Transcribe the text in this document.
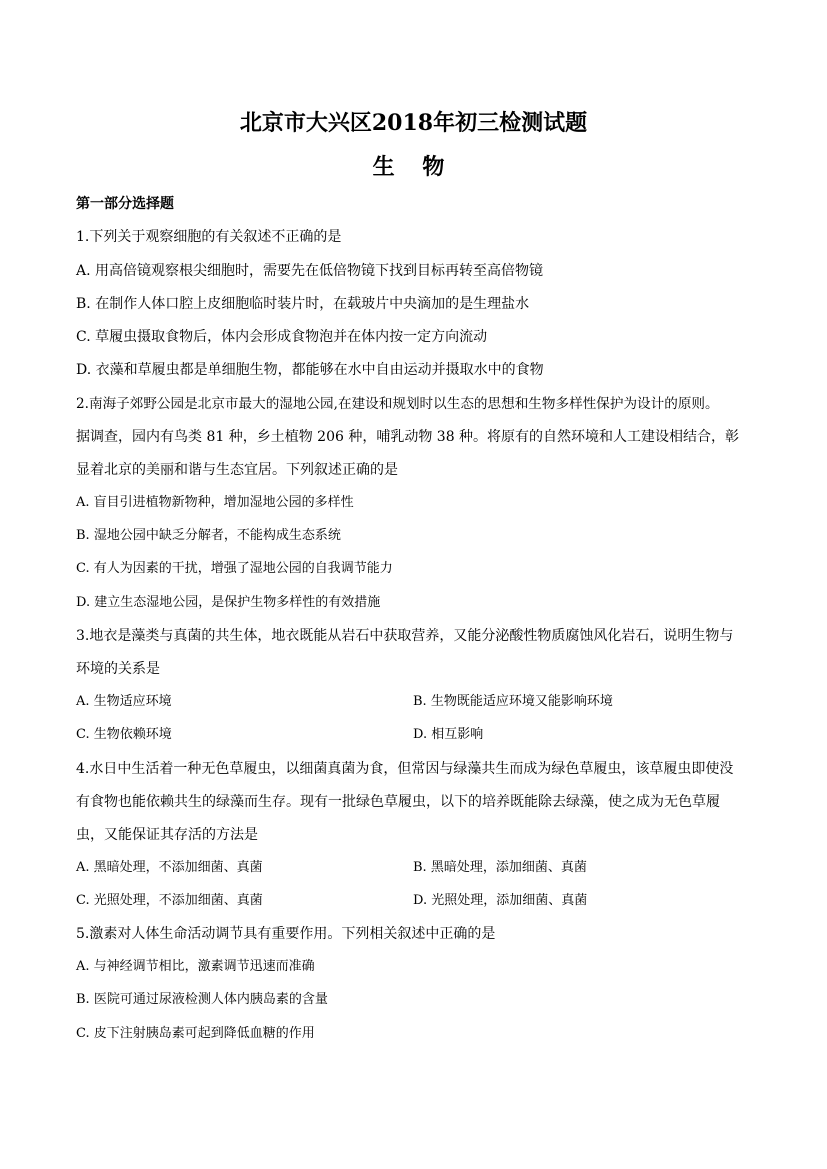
北京市大兴区2018年初三检测试题
生 物
第一部分选择题
1.下列关于观察细胞的有关叙述不正确的是
A. 用高倍镜观察根尖细胞时，需要先在低倍物镜下找到目标再转至高倍物镜
B. 在制作人体口腔上皮细胞临时装片时，在载玻片中央滴加的是生理盐水
C. 草履虫摄取食物后，体内会形成食物泡并在体内按一定方向流动
D. 衣藻和草履虫都是单细胞生物，都能够在水中自由运动并摄取水中的食物
2.南海子郊野公园是北京市最大的湿地公园,在建设和规划时以生态的思想和生物多样性保护为设计的原则。
据调查，园内有鸟类 81 种，乡土植物 206 种，哺乳动物 38 种。将原有的自然环境和人工建设相结合，彰
显着北京的美丽和谐与生态宜居。下列叙述正确的是
A. 盲目引进植物新物种，增加湿地公园的多样性
B. 湿地公园中缺乏分解者，不能构成生态系统
C. 有人为因素的干扰，增强了湿地公园的自我调节能力
D. 建立生态湿地公园，是保护生物多样性的有效措施
3.地衣是藻类与真菌的共生体，地衣既能从岩石中获取营养，又能分泌酸性物质腐蚀风化岩石，说明生物与
环境的关系是
A. 生物适应环境	B. 生物既能适应环境又能影响环境
C. 生物依赖环境	D. 相互影响
4.水日中生活着一种无色草履虫，以细菌真菌为食，但常因与绿藻共生而成为绿色草履虫，该草履虫即使没
有食物也能依赖共生的绿藻而生存。现有一批绿色草履虫，以下的培养既能除去绿藻，使之成为无色草履
虫，又能保证其存活的方法是
A. 黑暗处理，不添加细菌、真菌	B. 黑暗处理，添加细菌、真菌
C. 光照处理，不添加细菌、真菌	D. 光照处理，添加细菌、真菌
5.激素对人体生命活动调节具有重要作用。下列相关叙述中正确的是
A. 与神经调节相比，激素调节迅速而准确
B. 医院可通过尿液检测人体内胰岛素的含量
C. 皮下注射胰岛素可起到降低血糖的作用
